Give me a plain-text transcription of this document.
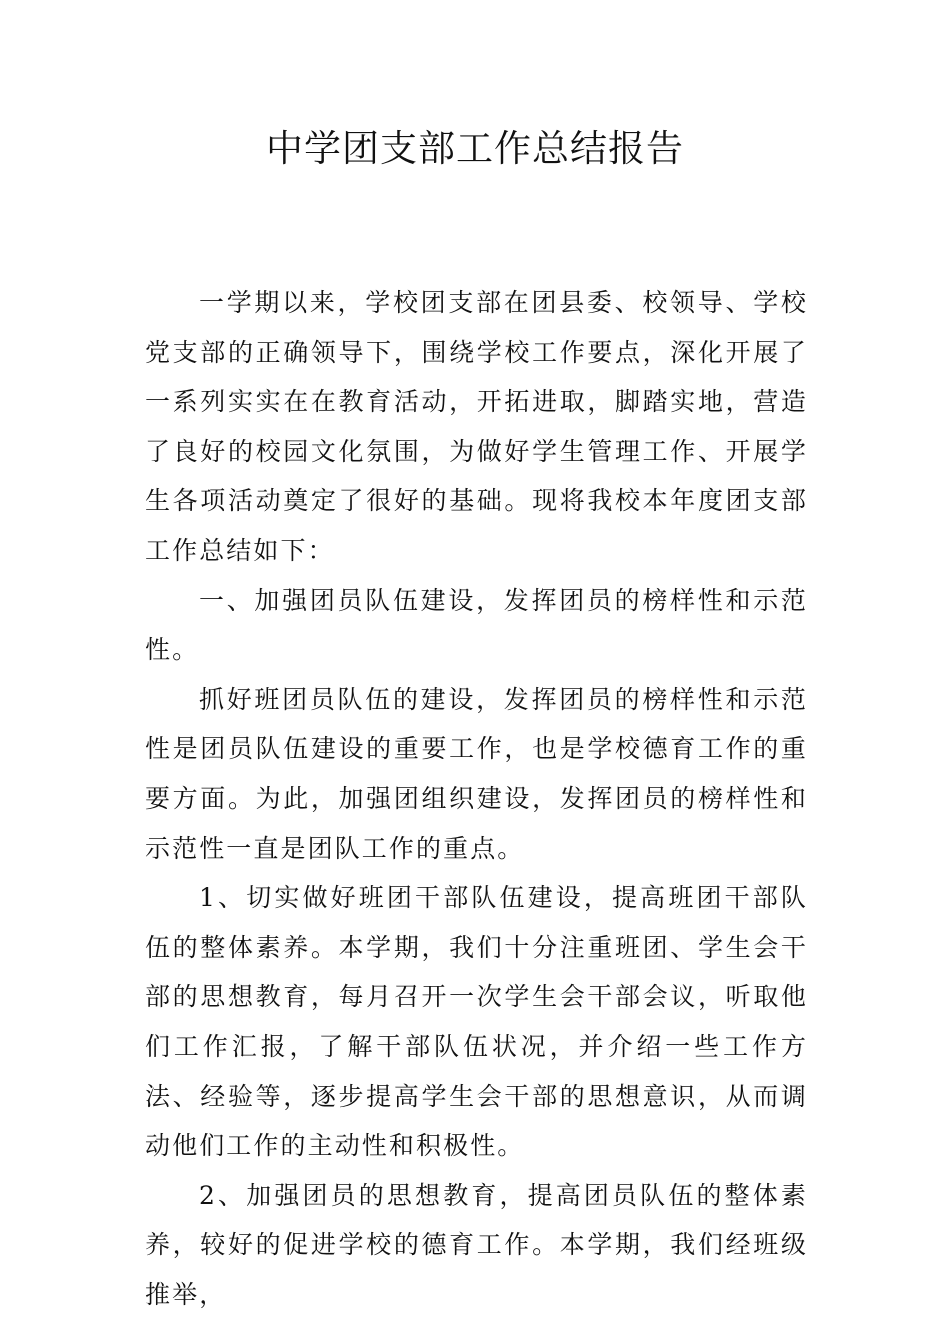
中学团支部工作总结报告

一学期以来，学校团支部在团县委、校领导、学校党支部的正确领导下，围绕学校工作要点，深化开展了一系列实实在在教育活动，开拓进取，脚踏实地，营造了良好的校园文化氛围，为做好学生管理工作、开展学生各项活动奠定了很好的基础。现将我校本年度团支部工作总结如下：

一、加强团员队伍建设，发挥团员的榜样性和示范性。

抓好班团员队伍的建设，发挥团员的榜样性和示范性是团员队伍建设的重要工作，也是学校德育工作的重要方面。为此，加强团组织建设，发挥团员的榜样性和示范性一直是团队工作的重点。

1、切实做好班团干部队伍建设，提高班团干部队伍的整体素养。本学期，我们十分注重班团、学生会干部的思想教育，每月召开一次学生会干部会议，听取他们工作汇报，了解干部队伍状况，并介绍一些工作方法、经验等，逐步提高学生会干部的思想意识，从而调动他们工作的主动性和积极性。

2、加强团员的思想教育，提高团员队伍的整体素养，较好的促进学校的德育工作。本学期，我们经班级推举，
